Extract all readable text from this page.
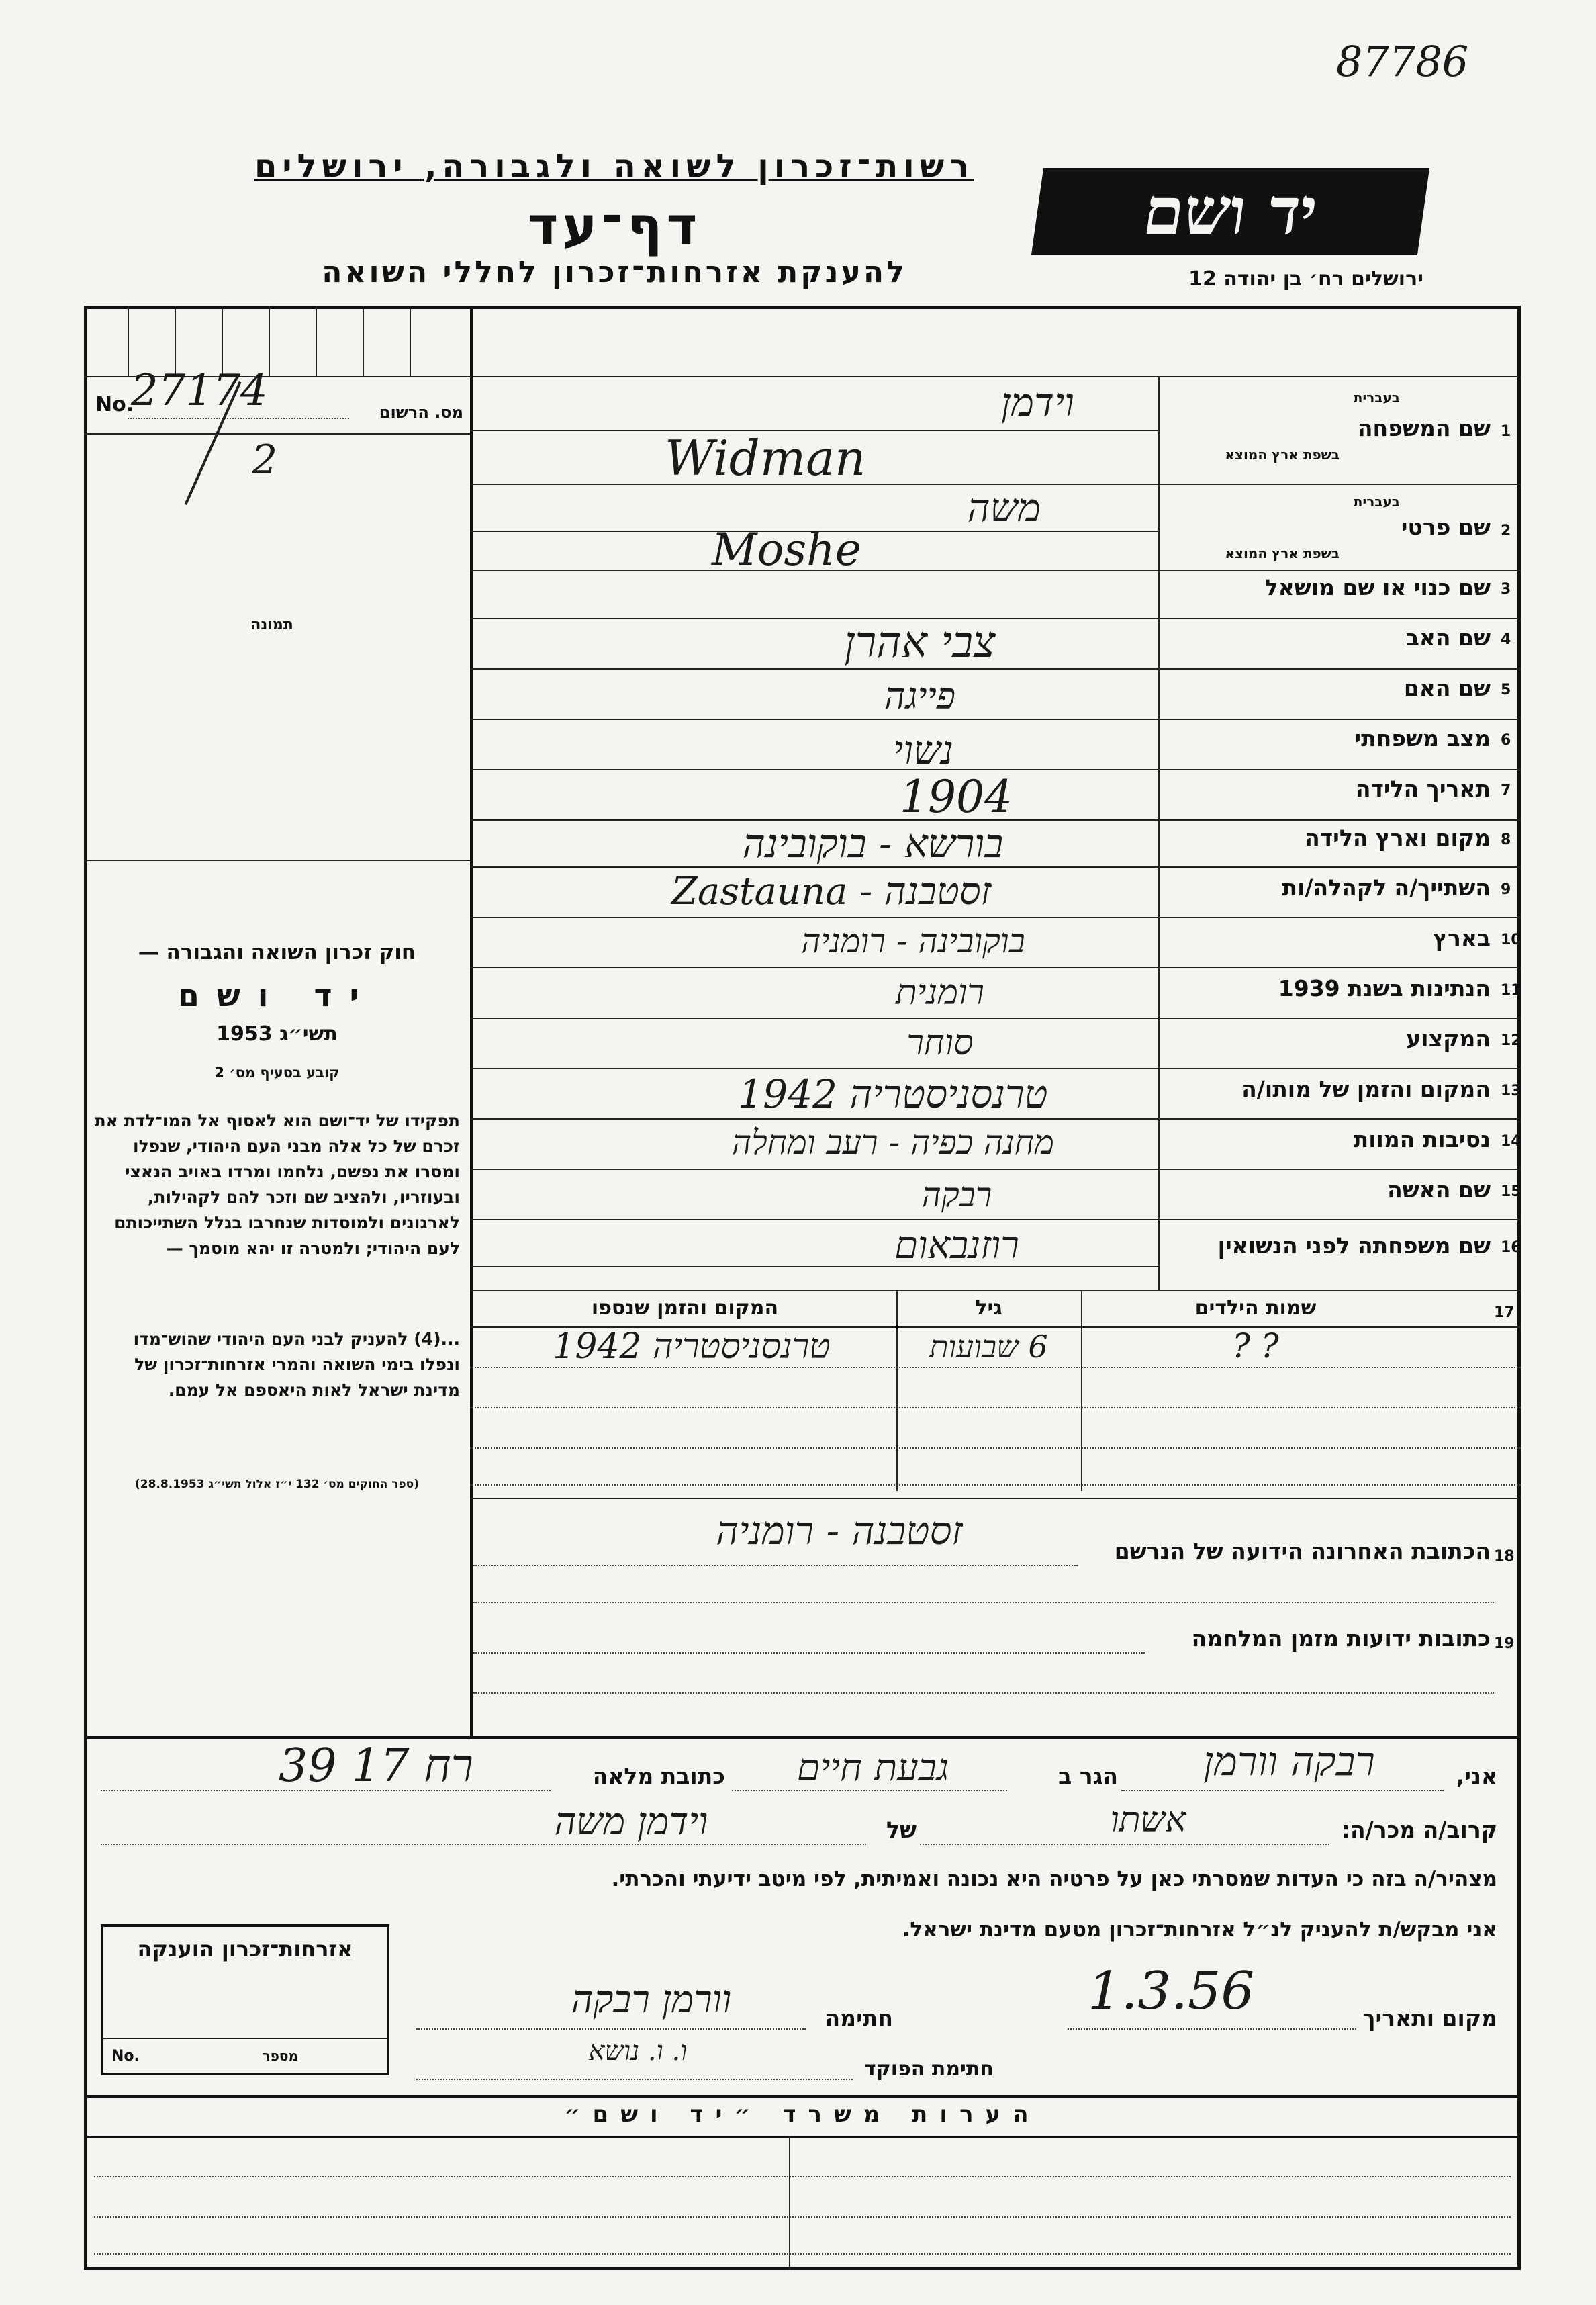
87786
רשות־זכרון לשואה ולגבורה, ירושלים
דף־עד
להענקת אזרחות־זכרון לחללי השואה
יד ושם
ירושלים רח׳ בן יהודה 12
No.
27174	מס. הרשום
2
תמונה
חוק זכרון השואה והגבורה —
יד ושם
תשי״ג 1953
קובע בסעיף מס׳ 2
תפקידו של יד־ושם הוא לאסוף אל המו־לדת את זכרם של כל אלה מבני העם היהודי, שנפלו ומסרו את נפשם, נלחמו ומרדו באויב הנאצי ובעוזריו, ולהציב שם וזכר להם לקהילות, לארגונים ולמוסדות שנחרבו בגלל השתייכותם לעם היהודי; ולמטרה זו יהא מוסמך —
...(4) להעניק לבני העם היהודי שהוש־מדו ונפלו בימי השואה והמרי אזרחות־זכרון של מדינת ישראל לאות היאספם אל עמם.
(ספר החוקים מס׳ 132 י״ז אלול תשי״ג 28.8.1953)
1
שם המשפחה
בעברית
בשפת ארץ המוצא
וידמן
Widman
2
שם פרטי
בעברית
בשפת ארץ המוצא
משה
Moshe
3
שם כנוי או שם מושאל
4
שם האב
צבי אהרן
5
שם האם
פייגה
6
מצב משפחתי
נשוי
7
תאריך הלידה
1904
8
מקום וארץ הלידה
בורשא - בוקובינה
9
השתייך/ה לקהלה/ות
Zastauna - זסטבנה
10
בארץ
בוקובינה - רומניה
11
הנתינות בשנת 1939
רומנית
12
המקצוע
סוחר
13
המקום והזמן של מותו/ה
טרנסניסטריה 1942
14
נסיבות המוות
מחנה כפיה - רעב ומחלה
15
שם האשה
רבקה
16
שם משפחתה לפני הנשואין
רוזנבאום
17
שמות הילדים
גיל
המקום והזמן שנספו
? ?
6 שבועות
טרנסניסטריה 1942
18
הכתובת האחרונה הידועה של הנרשם
זסטבנה - רומניה
19
כתובות ידועות מזמן המלחמה
אני,
רבקה וורמן
הגר ב
גבעת חיים
כתובת מלאה
רח 17 39
קרוב/ה מכר/ה:
אשתו
של
וידמן משה
מצהיר/ה בזה כי העדות שמסרתי כאן על פרטיה היא נכונה ואמיתית, לפי מיטב ידיעתי והכרתי.
אני מבקש/ת להעניק לנ״ל אזרחות־זכרון מטעם מדינת ישראל.
מקום ותאריך
1.3.56
חתימה
וורמן רבקה
חתימת הפוקד
ו. ו. נושא
אזרחות־זכרון הוענקה
No.	מספר
הערות משרד ״יד ושם״
